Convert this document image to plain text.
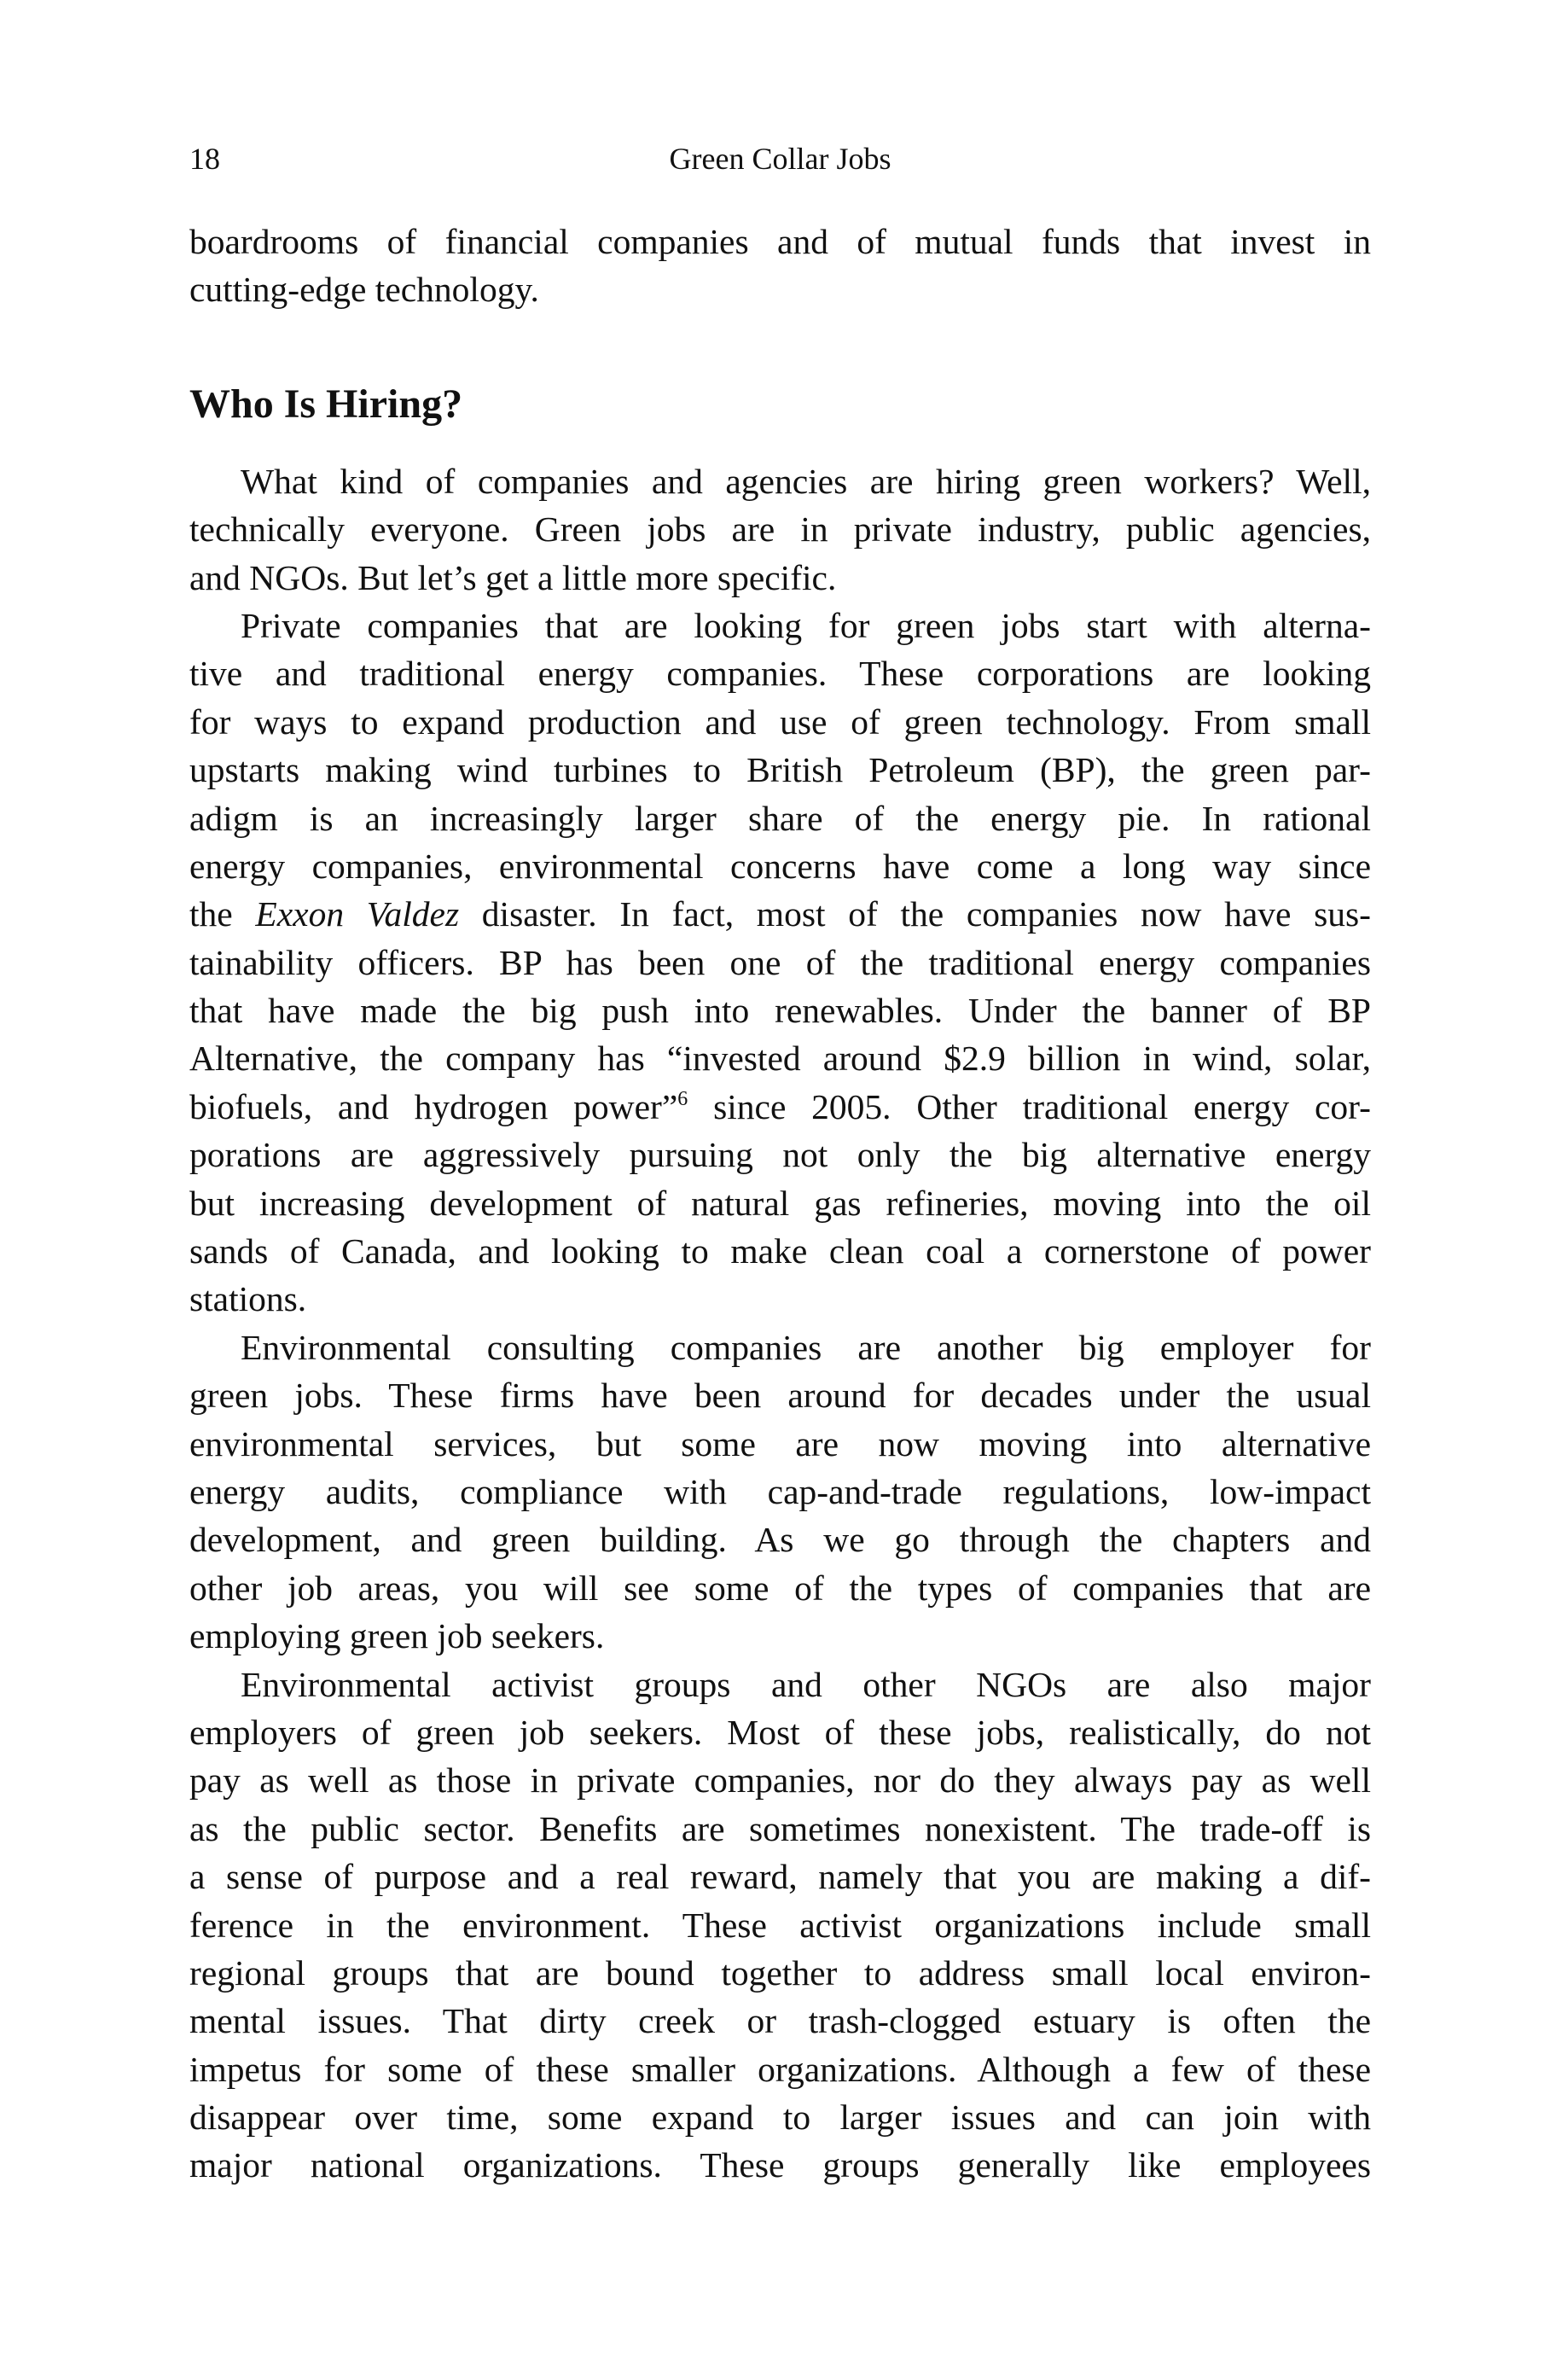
18	Green Collar Jobs
boardrooms of financial companies and of mutual funds that invest in
cutting-edge technology.
Who Is Hiring?
What kind of companies and agencies are hiring green workers? Well,
technically everyone. Green jobs are in private industry, public agencies,
and NGOs. But let’s get a little more specific.
Private companies that are looking for green jobs start with alterna-
tive and traditional energy companies. These corporations are looking
for ways to expand production and use of green technology. From small
upstarts making wind turbines to British Petroleum (BP), the green par-
adigm is an increasingly larger share of the energy pie. In rational
energy companies, environmental concerns have come a long way since
the Exxon Valdez disaster. In fact, most of the companies now have sus-
tainability officers. BP has been one of the traditional energy companies
that have made the big push into renewables. Under the banner of BP
Alternative, the company has “invested around $2.9 billion in wind, solar,
biofuels, and hydrogen power”$^6$ since 2005. Other traditional energy cor-
porations are aggressively pursuing not only the big alternative energy
but increasing development of natural gas refineries, moving into the oil
sands of Canada, and looking to make clean coal a cornerstone of power
stations.
Environmental consulting companies are another big employer for
green jobs. These firms have been around for decades under the usual
environmental services, but some are now moving into alternative
energy audits, compliance with cap-and-trade regulations, low-impact
development, and green building. As we go through the chapters and
other job areas, you will see some of the types of companies that are
employing green job seekers.
Environmental activist groups and other NGOs are also major
employers of green job seekers. Most of these jobs, realistically, do not
pay as well as those in private companies, nor do they always pay as well
as the public sector. Benefits are sometimes nonexistent. The trade-off is
a sense of purpose and a real reward, namely that you are making a dif-
ference in the environment. These activist organizations include small
regional groups that are bound together to address small local environ-
mental issues. That dirty creek or trash-clogged estuary is often the
impetus for some of these smaller organizations. Although a few of these
disappear over time, some expand to larger issues and can join with
major national organizations. These groups generally like employees
